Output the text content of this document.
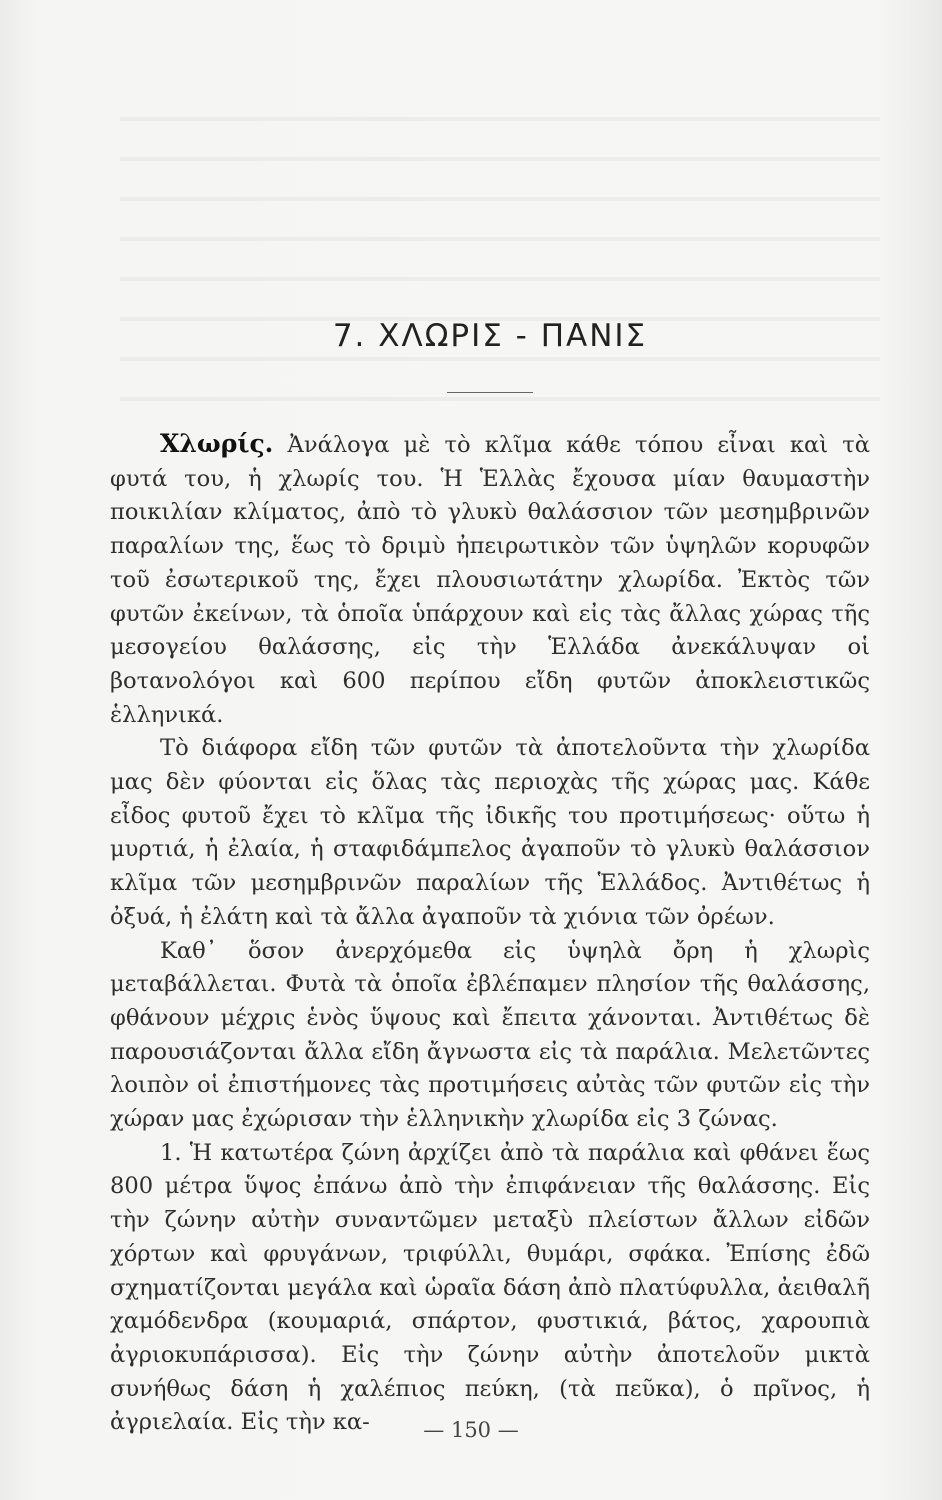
7. ΧΛΩΡΙΣ - ΠΑΝΙΣ

Χλωρίς. Ἀνάλογα μὲ τὸ κλῖμα κάθε τόπου εἶναι καὶ τὰ φυτά του, ἡ χλωρίς του. Ἡ Ἑλλὰς ἔχουσα μίαν θαυμαστὴν ποικιλίαν κλίματος, ἀπὸ τὸ γλυκὺ θαλάσσιον τῶν μεσημβρινῶν παραλίων της, ἕως τὸ δριμὺ ἠπειρωτικὸν τῶν ὑψηλῶν κορυφῶν τοῦ ἐσωτερικοῦ της, ἔχει πλουσιωτάτην χλωρίδα. Ἐκτὸς τῶν φυτῶν ἐκείνων, τὰ ὁποῖα ὑπάρχουν καὶ εἰς τὰς ἄλλας χώρας τῆς μεσογείου θαλάσσης, εἰς τὴν Ἑλλάδα ἀνεκάλυψαν οἱ βοτανολόγοι καὶ 600 περίπου εἴδη φυτῶν ἀποκλειστικῶς ἑλληνικά.

Τὸ διάφορα εἴδη τῶν φυτῶν τὰ ἀποτελοῦντα τὴν χλωρίδα μας δὲν φύονται εἰς ὅλας τὰς περιοχὰς τῆς χώρας μας. Κάθε εἶδος φυτοῦ ἔχει τὸ κλῖμα τῆς ἰδικῆς του προτιμήσεως· οὕτω ἡ μυρτιά, ἡ ἐλαία, ἡ σταφιδάμπελος ἀγαποῦν τὸ γλυκὺ θαλάσσιον κλῖμα τῶν μεσημβρινῶν παραλίων τῆς Ἑλλάδος. Ἀντιθέτως ἡ ὀξυά, ἡ ἐλάτη καὶ τὰ ἄλλα ἀγαποῦν τὰ χιόνια τῶν ὀρέων.

Καθ᾽ ὅσον ἀνερχόμεθα εἰς ὑψηλὰ ὄρη ἡ χλωρὶς μεταβάλλεται. Φυτὰ τὰ ὁποῖα ἐβλέπαμεν πλησίον τῆς θαλάσσης, φθάνουν μέχρις ἑνὸς ὕψους καὶ ἔπειτα χάνονται. Ἀντιθέτως δὲ παρουσιάζονται ἄλλα εἴδη ἄγνωστα εἰς τὰ παράλια. Μελετῶντες λοιπὸν οἱ ἐπιστήμονες τὰς προτιμήσεις αὐτὰς τῶν φυτῶν εἰς τὴν χώραν μας ἐχώρισαν τὴν ἑλληνικὴν χλωρίδα εἰς 3 ζώνας.

1. Ἡ κατωτέρα ζώνη ἀρχίζει ἀπὸ τὰ παράλια καὶ φθάνει ἕως 800 μέτρα ὕψος ἐπάνω ἀπὸ τὴν ἐπιφάνειαν τῆς θαλάσσης. Εἰς τὴν ζώνην αὐτὴν συναντῶμεν μεταξὺ πλείστων ἄλλων εἰδῶν χόρτων καὶ φρυγάνων, τριφύλλι, θυμάρι, σφάκα. Ἐπίσης ἐδῶ σχηματίζονται μεγάλα καὶ ὡραῖα δάση ἀπὸ πλατύφυλλα, ἀειθαλῆ χαμόδενδρα (κουμαριά, σπάρτον, φυστικιά, βάτος, χαρουπιὰ ἀγριοκυπάρισσα). Εἰς τὴν ζώνην αὐτὴν ἀποτελοῦν μικτὰ συνήθως δάση ἡ χαλέπιος πεύκη, (τὰ πεῦκα), ὁ πρῖνος, ἡ ἀγριελαία. Εἰς τὴν κα-	— 150 —
